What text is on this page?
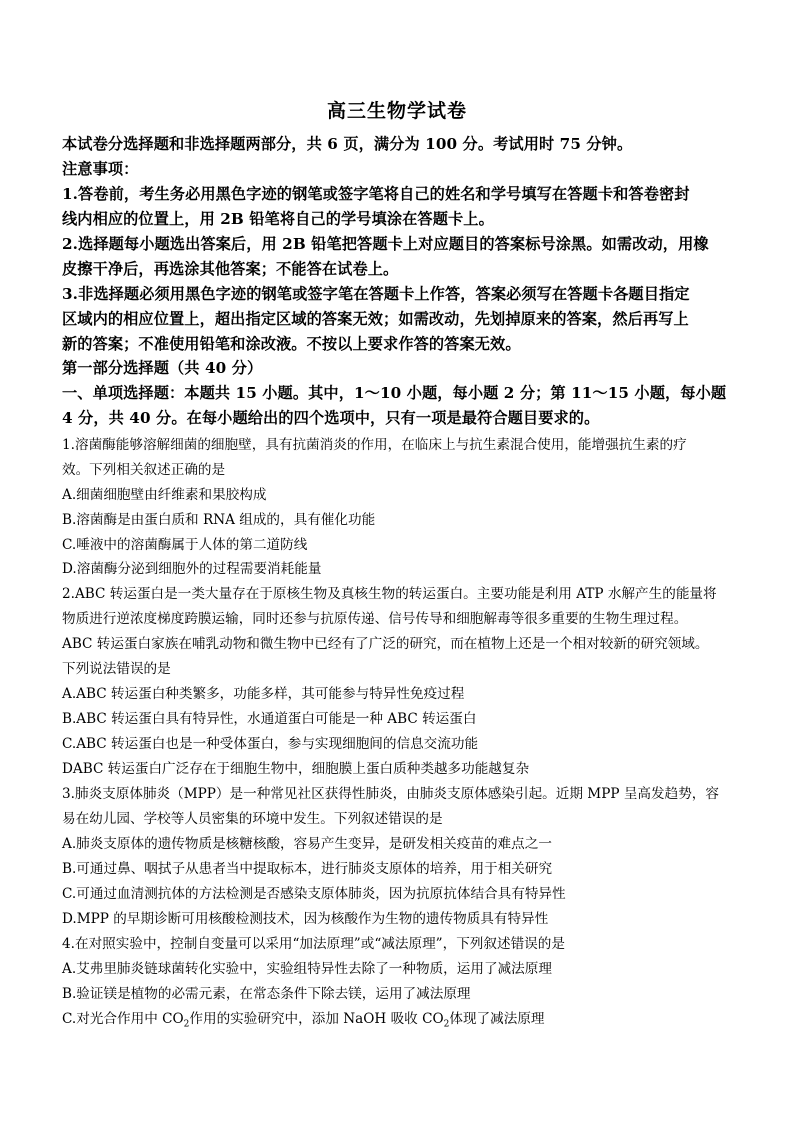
高三生物学试卷
本试卷分选择题和非选择题两部分，共 6 页，满分为 100 分。考试用时 75 分钟。
注意事项：
1.答卷前，考生务必用黑色字迹的钢笔或签字笔将自己的姓名和学号填写在答题卡和答卷密封
线内相应的位置上，用 2B 铅笔将自己的学号填涂在答题卡上。
2.选择题每小题选出答案后，用 2B 铅笔把答题卡上对应题目的答案标号涂黑。如需改动，用橡
皮擦干净后，再选涂其他答案；不能答在试卷上。
3.非选择题必须用黑色字迹的钢笔或签字笔在答题卡上作答，答案必须写在答题卡各题目指定
区域内的相应位置上，超出指定区域的答案无效；如需改动，先划掉原来的答案，然后再写上
新的答案；不准使用铅笔和涂改液。不按以上要求作答的答案无效。
第一部分选择题（共 40 分）
一、单项选择题：本题共 15 小题。其中，1～10 小题，每小题 2 分；第 11～15 小题，每小题
4 分，共 40 分。在每小题给出的四个选项中，只有一项是最符合题目要求的。
1.溶菌酶能够溶解细菌的细胞壁，具有抗菌消炎的作用，在临床上与抗生素混合使用，能增强抗生素的疗
效。下列相关叙述正确的是
A.细菌细胞壁由纤维素和果胶构成
B.溶菌酶是由蛋白质和 RNA 组成的，具有催化功能
C.唾液中的溶菌酶属于人体的第二道防线
D.溶菌酶分泌到细胞外的过程需要消耗能量
2.ABC 转运蛋白是一类大量存在于原核生物及真核生物的转运蛋白。主要功能是利用 ATP 水解产生的能量将
物质进行逆浓度梯度跨膜运输，同时还参与抗原传递、信号传导和细胞解毒等很多重要的生物生理过程。
ABC 转运蛋白家族在哺乳动物和微生物中已经有了广泛的研究，而在植物上还是一个相对较新的研究领域。
下列说法错误的是
A.ABC 转运蛋白种类繁多，功能多样，其可能参与特异性免疫过程
B.ABC 转运蛋白具有特异性，水通道蛋白可能是一种 ABC 转运蛋白
C.ABC 转运蛋白也是一种受体蛋白，参与实现细胞间的信息交流功能
DABC 转运蛋白广泛存在于细胞生物中，细胞膜上蛋白质种类越多功能越复杂
3.肺炎支原体肺炎（MPP）是一种常见社区获得性肺炎，由肺炎支原体感染引起。近期 MPP 呈高发趋势，容
易在幼儿园、学校等人员密集的环境中发生。下列叙述错误的是
A.肺炎支原体的遗传物质是核糖核酸，容易产生变异，是研发相关疫苗的难点之一
B.可通过鼻、咽拭子从患者当中提取标本，进行肺炎支原体的培养，用于相关研究
C.可通过血清测抗体的方法检测是否感染支原体肺炎，因为抗原抗体结合具有特异性
D.MPP 的早期诊断可用核酸检测技术，因为核酸作为生物的遗传物质具有特异性
4.在对照实验中，控制自变量可以采用“加法原理”或“减法原理”，下列叙述错误的是
A.艾弗里肺炎链球菌转化实验中，实验组特异性去除了一种物质，运用了减法原理
B.验证镁是植物的必需元素，在常态条件下除去镁，运用了减法原理
C.对光合作用中 $CO_2$作用的实验研究中，添加 NaOH 吸收 $CO_2$体现了减法原理
